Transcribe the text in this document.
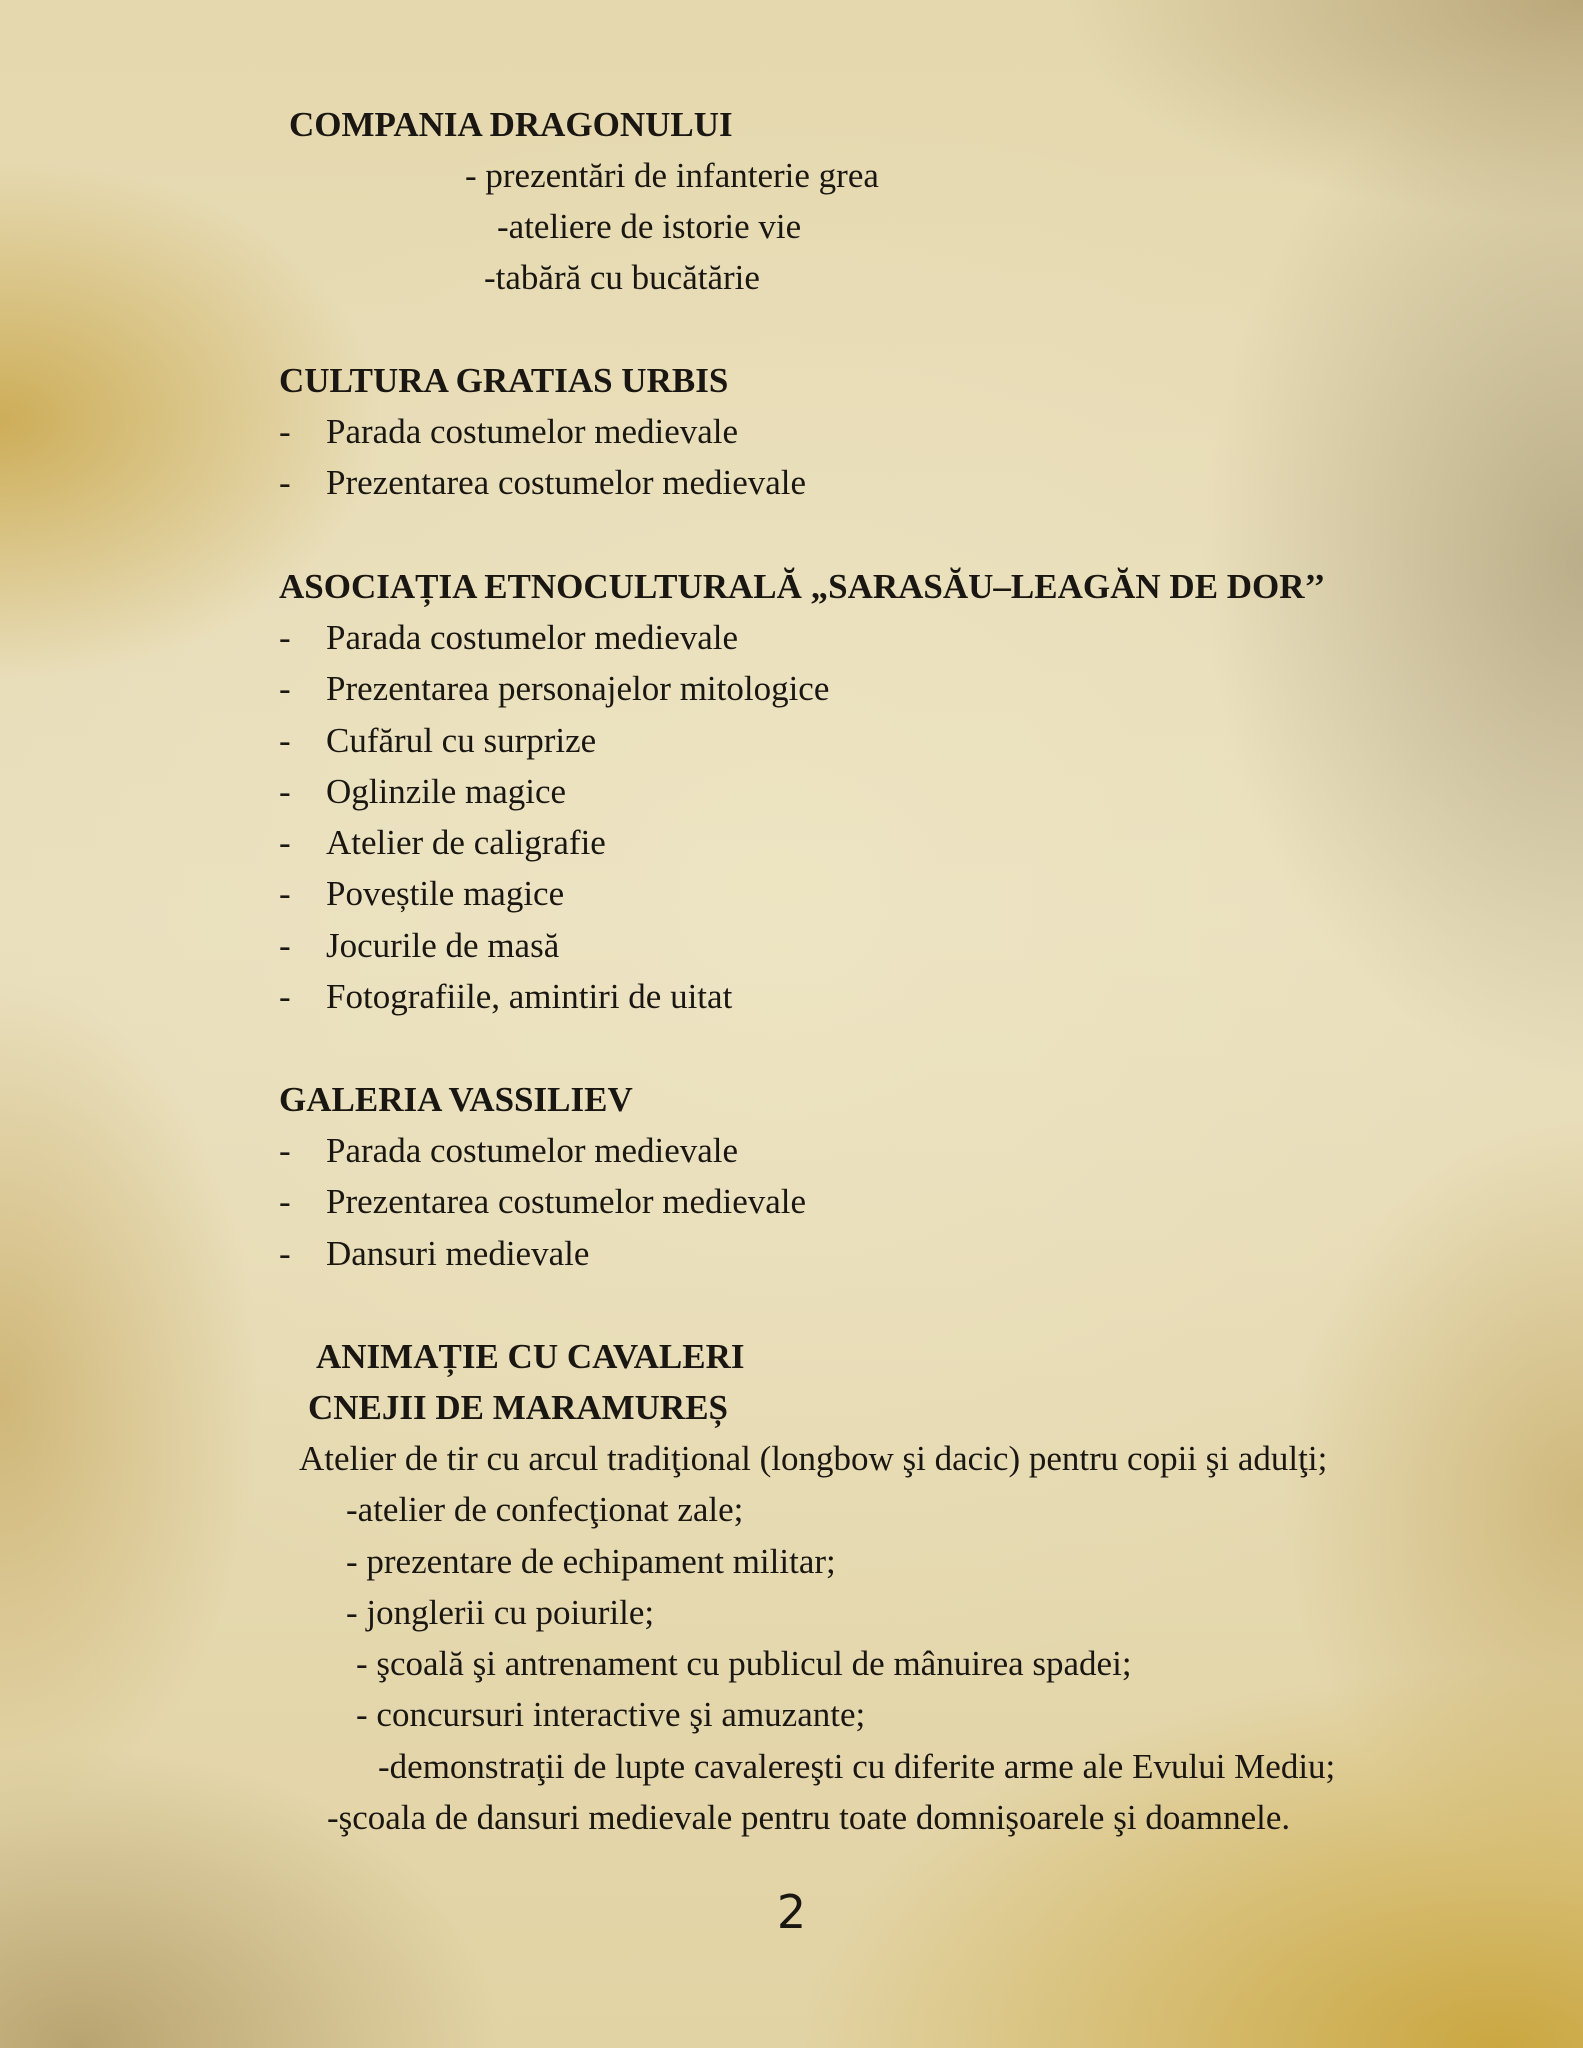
COMPANIA DRAGONULUI
- prezentări de infanterie grea
-ateliere de istorie vie
-tabără cu bucătărie
CULTURA GRATIAS URBIS
- Parada costumelor medievale
- Prezentarea costumelor medievale
ASOCIAȚIA ETNOCULTURALĂ „SARASĂU–LEAGĂN DE DOR’’
- Parada costumelor medievale
- Prezentarea personajelor mitologice
- Cufărul cu surprize
- Oglinzile magice
- Atelier de caligrafie
- Poveștile magice
- Jocurile de masă
- Fotografiile, amintiri de uitat
GALERIA VASSILIEV
- Parada costumelor medievale
- Prezentarea costumelor medievale
- Dansuri medievale
ANIMAȚIE CU CAVALERI
CNEJII DE MARAMUREȘ
Atelier de tir cu arcul tradiţional (longbow şi dacic) pentru copii şi adulţi;
-atelier de confecţionat zale;
- prezentare de echipament militar;
- jonglerii cu poiurile;
- şcoală şi antrenament cu publicul de mânuirea spadei;
- concursuri interactive şi amuzante;
-demonstraţii de lupte cavalereşti cu diferite arme ale Evului Mediu;
-şcoala de dansuri medievale pentru toate domnişoarele şi doamnele.
2
